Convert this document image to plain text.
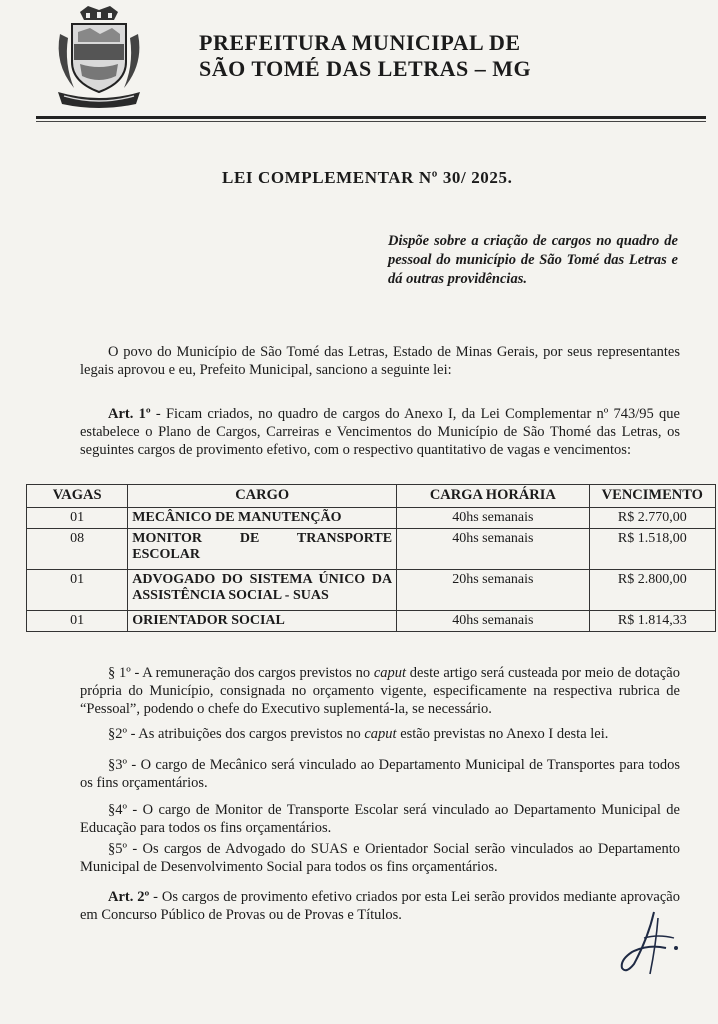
PREFEITURA MUNICIPAL DE
SÃO TOMÉ DAS LETRAS – MG
LEI COMPLEMENTAR Nº 30/ 2025.
Dispõe sobre a criação de cargos no quadro de pessoal do município de São Tomé das Letras e dá outras providências.
O povo do Município de São Tomé das Letras, Estado de Minas Gerais, por seus representantes legais aprovou e eu, Prefeito Municipal, sanciono a seguinte lei:
Art. 1º - Ficam criados, no quadro de cargos do Anexo I, da Lei Complementar nº 743/95 que estabelece o Plano de Cargos, Carreiras e Vencimentos do Município de São Thomé das Letras, os seguintes cargos de provimento efetivo, com o respectivo quantitativo de vagas e vencimentos:
VAGAS	CARGO	CARGA HORÁRIA	VENCIMENTO
01	MECÂNICO DE MANUTENÇÃO	40hs semanais	R$ 2.770,00
08	MONITOR DE TRANSPORTE ESCOLAR	40hs semanais	R$ 1.518,00
01	ADVOGADO DO SISTEMA ÚNICO DA ASSISTÊNCIA SOCIAL - SUAS	20hs semanais	R$ 2.800,00
01	ORIENTADOR SOCIAL	40hs semanais	R$ 1.814,33
§ 1º - A remuneração dos cargos previstos no caput deste artigo será custeada por meio de dotação própria do Município, consignada no orçamento vigente, especificamente na respectiva rubrica de “Pessoal”, podendo o chefe do Executivo suplementá-la, se necessário.
§2º - As atribuições dos cargos previstos no caput estão previstas no Anexo I desta lei.
§3º - O cargo de Mecânico será vinculado ao Departamento Municipal de Transportes para todos os fins orçamentários.
§4º - O cargo de Monitor de Transporte Escolar será vinculado ao Departamento Municipal de Educação para todos os fins orçamentários.
§5º - Os cargos de Advogado do SUAS e Orientador Social serão vinculados ao Departamento Municipal de Desenvolvimento Social para todos os fins orçamentários.
Art. 2º - Os cargos de provimento efetivo criados por esta Lei serão providos mediante aprovação em Concurso Público de Provas ou de Provas e Títulos.
